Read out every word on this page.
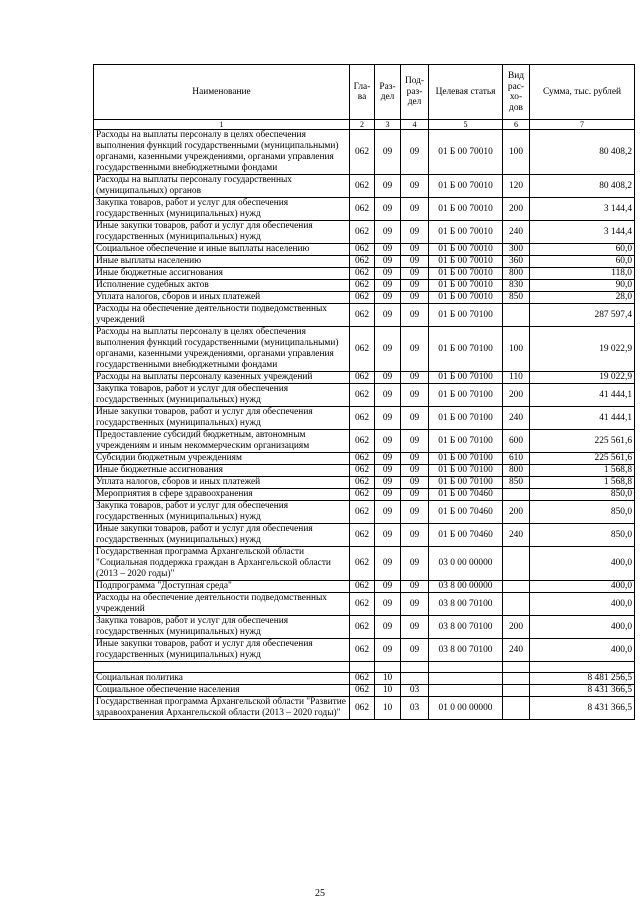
Наименование	Гла-ва	Раз-дел	Под-раз-дел	Целевая статья	Вид рас-хо-дов	Сумма, тыс. рублей
1	2	3	4	5	6	7
Расходы на выплаты персоналу в целях обеспечения выполнения функций государственными (муниципальными) органами, казенными учреждениями, органами управления государственными внебюджетными фондами	062	09	09	01 Б 00 70010	100	80 408,2
Расходы на выплаты персоналу государственных (муниципальных) органов	062	09	09	01 Б 00 70010	120	80 408,2
Закупка товаров, работ и услуг для обеспечения государственных (муниципальных) нужд	062	09	09	01 Б 00 70010	200	3 144,4
Иные закупки товаров, работ и услуг для обеспечения государственных (муниципальных) нужд	062	09	09	01 Б 00 70010	240	3 144,4
Социальное обеспечение и иные выплаты населению	062	09	09	01 Б 00 70010	300	60,0
Иные выплаты населению	062	09	09	01 Б 00 70010	360	60,0
Иные бюджетные ассигнования	062	09	09	01 Б 00 70010	800	118,0
Исполнение судебных актов	062	09	09	01 Б 00 70010	830	90,0
Уплата налогов, сборов и иных платежей	062	09	09	01 Б 00 70010	850	28,0
Расходы на обеспечение деятельности подведомственных учреждений	062	09	09	01 Б 00 70100		287 597,4
Расходы на выплаты персоналу в целях обеспечения выполнения функций государственными (муниципальными) органами, казенными учреждениями, органами управления государственными внебюджетными фондами	062	09	09	01 Б 00 70100	100	19 022,9
Расходы на выплаты персоналу казенных учреждений	062	09	09	01 Б 00 70100	110	19 022,9
Закупка товаров, работ и услуг для обеспечения государственных (муниципальных) нужд	062	09	09	01 Б 00 70100	200	41 444,1
Иные закупки товаров, работ и услуг для обеспечения государственных (муниципальных) нужд	062	09	09	01 Б 00 70100	240	41 444,1
Предоставление субсидий бюджетным, автономным учреждениям и иным некоммерческим организациям	062	09	09	01 Б 00 70100	600	225 561,6
Субсидии бюджетным учреждениям	062	09	09	01 Б 00 70100	610	225 561,6
Иные бюджетные ассигнования	062	09	09	01 Б 00 70100	800	1 568,8
Уплата налогов, сборов и иных платежей	062	09	09	01 Б 00 70100	850	1 568,8
Мероприятия в сфере здравоохранения	062	09	09	01 Б 00 70460		850,0
Закупка товаров, работ и услуг для обеспечения государственных (муниципальных) нужд	062	09	09	01 Б 00 70460	200	850,0
Иные закупки товаров, работ и услуг для обеспечения государственных (муниципальных) нужд	062	09	09	01 Б 00 70460	240	850,0
Государственная программа Архангельской области "Социальная поддержка граждан в Архангельской области (2013 – 2020 годы)"	062	09	09	03 0 00 00000		400,0
Подпрограмма "Доступная среда"	062	09	09	03 8 00 00000		400,0
Расходы на обеспечение деятельности подведомственных учреждений	062	09	09	03 8 00 70100		400,0
Закупка товаров, работ и услуг для обеспечения государственных (муниципальных) нужд	062	09	09	03 8 00 70100	200	400,0
Иные закупки товаров, работ и услуг для обеспечения государственных (муниципальных) нужд	062	09	09	03 8 00 70100	240	400,0

Социальная политика	062	10				8 481 256,5
Социальное обеспечение населения	062	10	03			8 431 366,5
Государственная программа Архангельской области "Развитие здравоохранения Архангельской области (2013 – 2020 годы)"	062	10	03	01 0 00 00000		8 431 366,5
25
